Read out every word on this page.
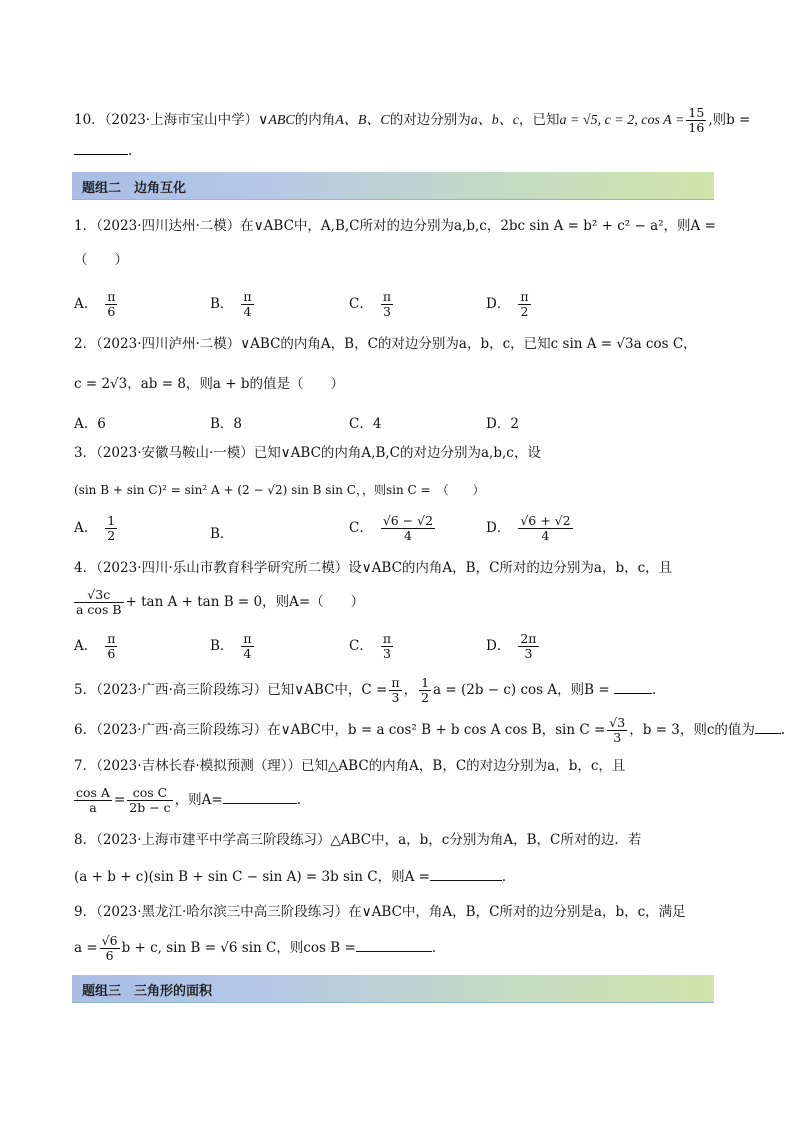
10．（2023·上海市宝山中学）∨ABC的内角A、B、C的对边分别为a、b、c，已知a = √5, c = 2, $\cos A = \frac{15}{16}$ ,则b =
.
题组二　边角互化
1．（2023·四川达州·二模）在∨ABC中，A,B,C所对的边分别为a,b,c，2bc sin A = b² + c² − a²，则A =
（　　）
A． $\frac{\pi}{6}$	B． $\frac{\pi}{4}$	C． $\frac{\pi}{3}$	D． $\frac{\pi}{2}$
2．（2023·四川泸州·二模）∨ABC的内角A，B，C的对边分别为a，b，c，已知c sin A = √3a cos C，
c = 2√3，ab = 8，则a + b的值是（　　）
A．6	B．8	C．4	D．2
3．（2023·安徽马鞍山·一模）已知∨ABC的内角A,B,C的对边分别为a,b,c，设
(sin B + sin C)² = sin² A + (2 − √2) sin B sin C，，则sin C =　（　　）
A． $\frac{1}{2}$	B．	C． $\frac{√6 - √2}{4}$	D． $\frac{√6 + √2}{4}$
4．（2023·四川·乐山市教育科学研究所二模）设∨ABC的内角A，B，C所对的边分别为a，b，c，且
$\frac{√3c}{\text{a cos B}} + \tan A + \tan B = 0$，则A=（　　）
A． $\frac{\pi}{6}$	B． $\frac{\pi}{4}$	C． $\frac{\pi}{3}$	D． $\frac{2\pi}{3}$
5．（2023·广西·高三阶段练习）已知∨ABC中，$C = \frac{\pi}{3}$ ， $\frac{1}{2}$ a = (2b − c) cos A，则B =	.
6．（2023·广西·高三阶段练习）在∨ABC中，b = a cos² B + b cos A cos B，$\sin C = \frac{√3}{3}$ ，b = 3，则c的值为 .
7．（2023·吉林长春·模拟预测（理））已知△ABC的内角A，B，C的对边分别为a，b，c，且
$\frac{\text{cos A}}{a} = \frac{\text{cos C}}{2b - c}$ ，则A=	.
8．（2023·上海市建平中学高三阶段练习）△ABC中，a，b，c分别为角A，B，C所对的边．若
(a + b + c)(sin B + sin C − sin A) = 3b sin C，则A =	．
9．（2023·黑龙江·哈尔滨三中高三阶段练习）在∨ABC中，角A，B，C所对的边分别是a，b，c，满足
$a = \frac{√6}{6}$ b + c, sin B = √6 sin C，则cos B =	.
题组三　三角形的面积
